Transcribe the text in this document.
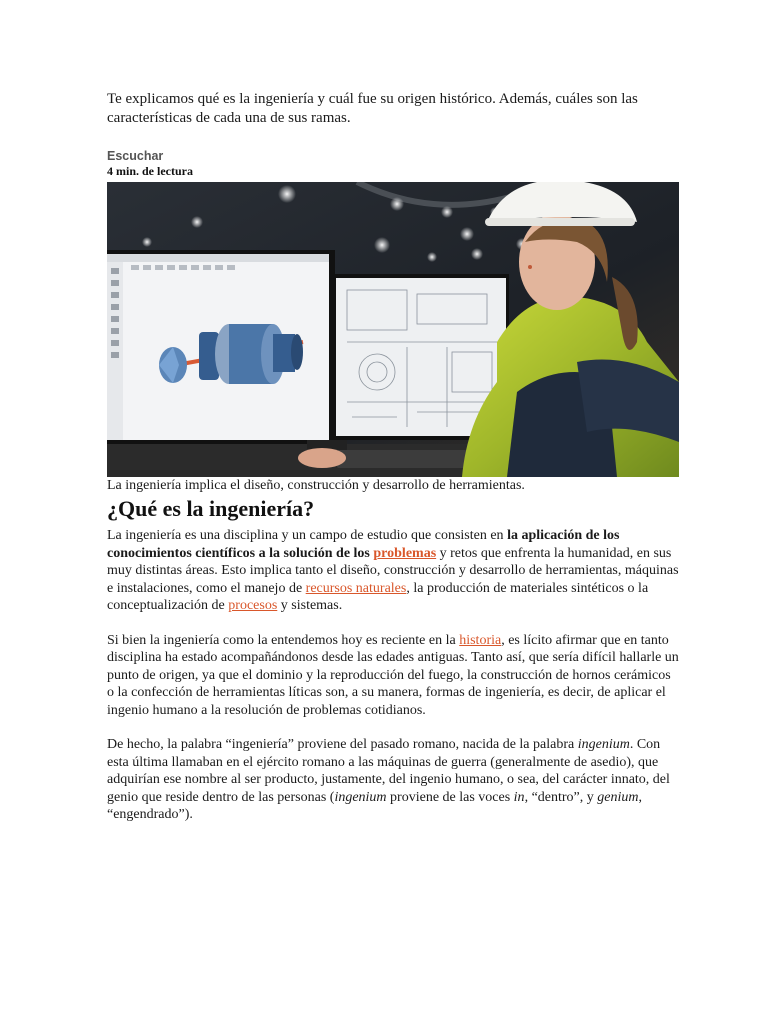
Te explicamos qué es la ingeniería y cuál fue su origen histórico. Además, cuáles son las características de cada una de sus ramas.

Escuchar
4 min. de lectura
La ingeniería implica el diseño, construcción y desarrollo de herramientas.
¿Qué es la ingeniería?

La ingeniería es una disciplina y un campo de estudio que consisten en la aplicación de los conocimientos científicos a la solución de los problemas y retos que enfrenta la humanidad, en sus muy distintas áreas. Esto implica tanto el diseño, construcción y desarrollo de herramientas, máquinas e instalaciones, como el manejo de recursos naturales, la producción de materiales sintéticos o la conceptualización de procesos y sistemas.

Si bien la ingeniería como la entendemos hoy es reciente en la historia, es lícito afirmar que en tanto disciplina ha estado acompañándonos desde las edades antiguas. Tanto así, que sería difícil hallarle un punto de origen, ya que el dominio y la reproducción del fuego, la construcción de hornos cerámicos o la confección de herramientas líticas son, a su manera, formas de ingeniería, es decir, de aplicar el ingenio humano a la resolución de problemas cotidianos.

De hecho, la palabra “ingeniería” proviene del pasado romano, nacida de la palabra ingenium. Con esta última llamaban en el ejército romano a las máquinas de guerra (generalmente de asedio), que adquirían ese nombre al ser producto, justamente, del ingenio humano, o sea, del carácter innato, del genio que reside dentro de las personas (ingenium proviene de las voces in, “dentro”, y genium, “engendrado”).
